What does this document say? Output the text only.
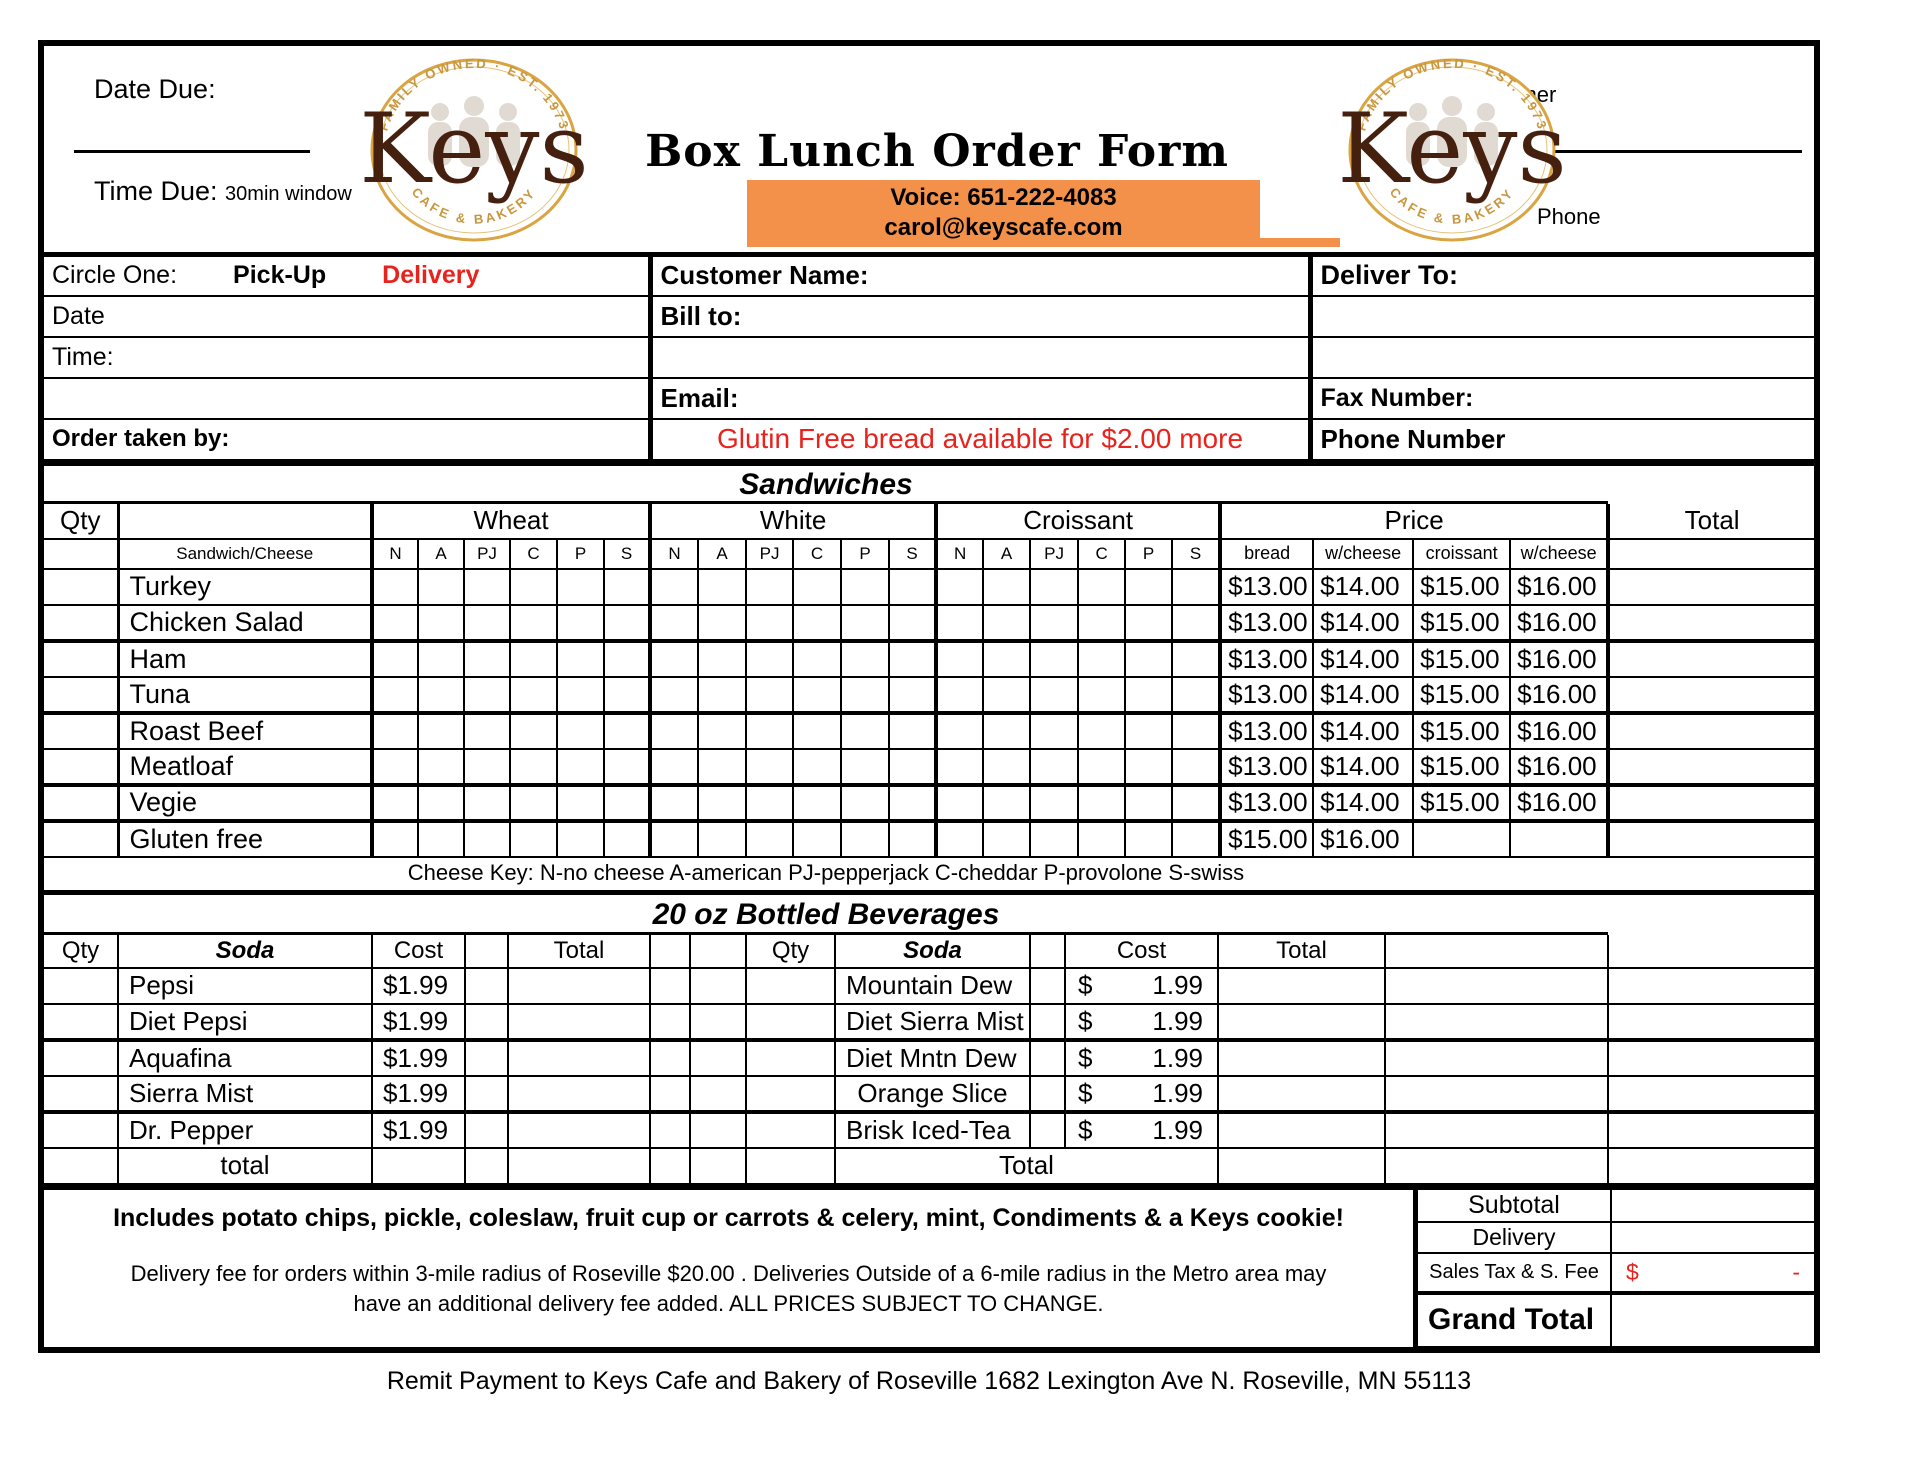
Date Due:
Time Due: 30min window
Box Lunch Order Form
Voice: 651-222-4083
carol@keyscafe.com	Phone
Circle One: Pick-Up Delivery	Customer Name:	Deliver To:
Date	Bill to:	
Time:		
	Email:	Fax Number:
Order taken by:	Glutin Free bread available for $2.00 more	Phone Number
Sandwiches
Qty		Wheat						White						Croissant						Price				Total
	Sandwich/Cheese	N	A	PJ	C	P	S	N	A	PJ	C	P	S	N	A	PJ	C	P	S	bread	w/cheese	croissant	w/cheese	
	Turkey																			$13.00	$14.00	$15.00	$16.00	
	Chicken Salad																			$13.00	$14.00	$15.00	$16.00	
	Ham																			$13.00	$14.00	$15.00	$16.00	
	Tuna																			$13.00	$14.00	$15.00	$16.00	
	Roast Beef																			$13.00	$14.00	$15.00	$16.00	
	Meatloaf																			$13.00	$14.00	$15.00	$16.00	
	Vegie																			$13.00	$14.00	$15.00	$16.00	
	Gluten free																			$15.00	$16.00			
Cheese Key: N-no cheese A-american PJ-pepperjack C-cheddar P-provolone S-swiss
20 oz Bottled Beverages
Qty	Soda	Cost		Total			Qty	Soda		Cost	Total		
	Pepsi	$1.99						Mountain Dew		$ 1.99			

	Diet Pepsi	$1.99						Diet Sierra Mist		$ 1.99			

	Aquafina	$1.99						Diet Mntn Dew		$ 1.99			

	Sierra Mist	$1.99						Orange Slice		$ 1.99			

	Dr. Pepper	$1.99						Brisk Iced-Tea		$ 1.99			

	total							Total					
Includes potato chips, pickle, coleslaw, fruit cup or carrots & celery, mint, Condiments & a Keys cookie!
Delivery fee for orders within 3-mile radius of Roseville $20.00 . Deliveries Outside of a 6-mile radius in the Metro area may
have an additional delivery fee added. ALL PRICES SUBJECT TO CHANGE.
Subtotal	
Delivery	
Sales Tax & S. Fee	$ -

Grand Total	
Remit Payment to Keys Cafe and Bakery of Roseville 1682 Lexington Ave N. Roseville, MN 55113
